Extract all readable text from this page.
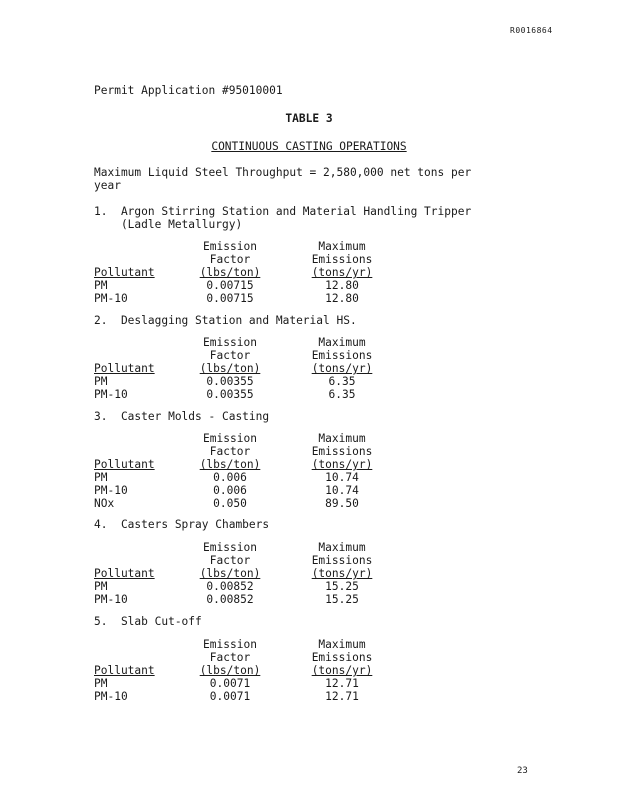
R0016864
Permit Application #95010001
TABLE 3
CONTINUOUS CASTING OPERATIONS
Maximum Liquid Steel Throughput = 2,580,000 net tons per
year
1.  Argon Stirring Station and Material Handling Tripper
(Ladle Metallurgy)
Emission	Maximum
Factor	Emissions
Pollutant	(lbs/ton)	(tons/yr)
PM	0.00715	12.80
PM-10	0.00715	12.80
2.  Deslagging Station and Material HS.
Emission	Maximum
Factor	Emissions
Pollutant	(lbs/ton)	(tons/yr)
PM	0.00355	6.35
PM-10	0.00355	6.35
3.  Caster Molds - Casting
Emission	Maximum
Factor	Emissions
Pollutant	(lbs/ton)	(tons/yr)
PM	0.006	10.74
PM-10	0.006	10.74
NOx	0.050	89.50
4.  Casters Spray Chambers
Emission	Maximum
Factor	Emissions
Pollutant	(lbs/ton)	(tons/yr)
PM	0.00852	15.25
PM-10	0.00852	15.25
5.  Slab Cut-off
Emission	Maximum
Factor	Emissions
Pollutant	(lbs/ton)	(tons/yr)
PM	0.0071	12.71
PM-10	0.0071	12.71
23
